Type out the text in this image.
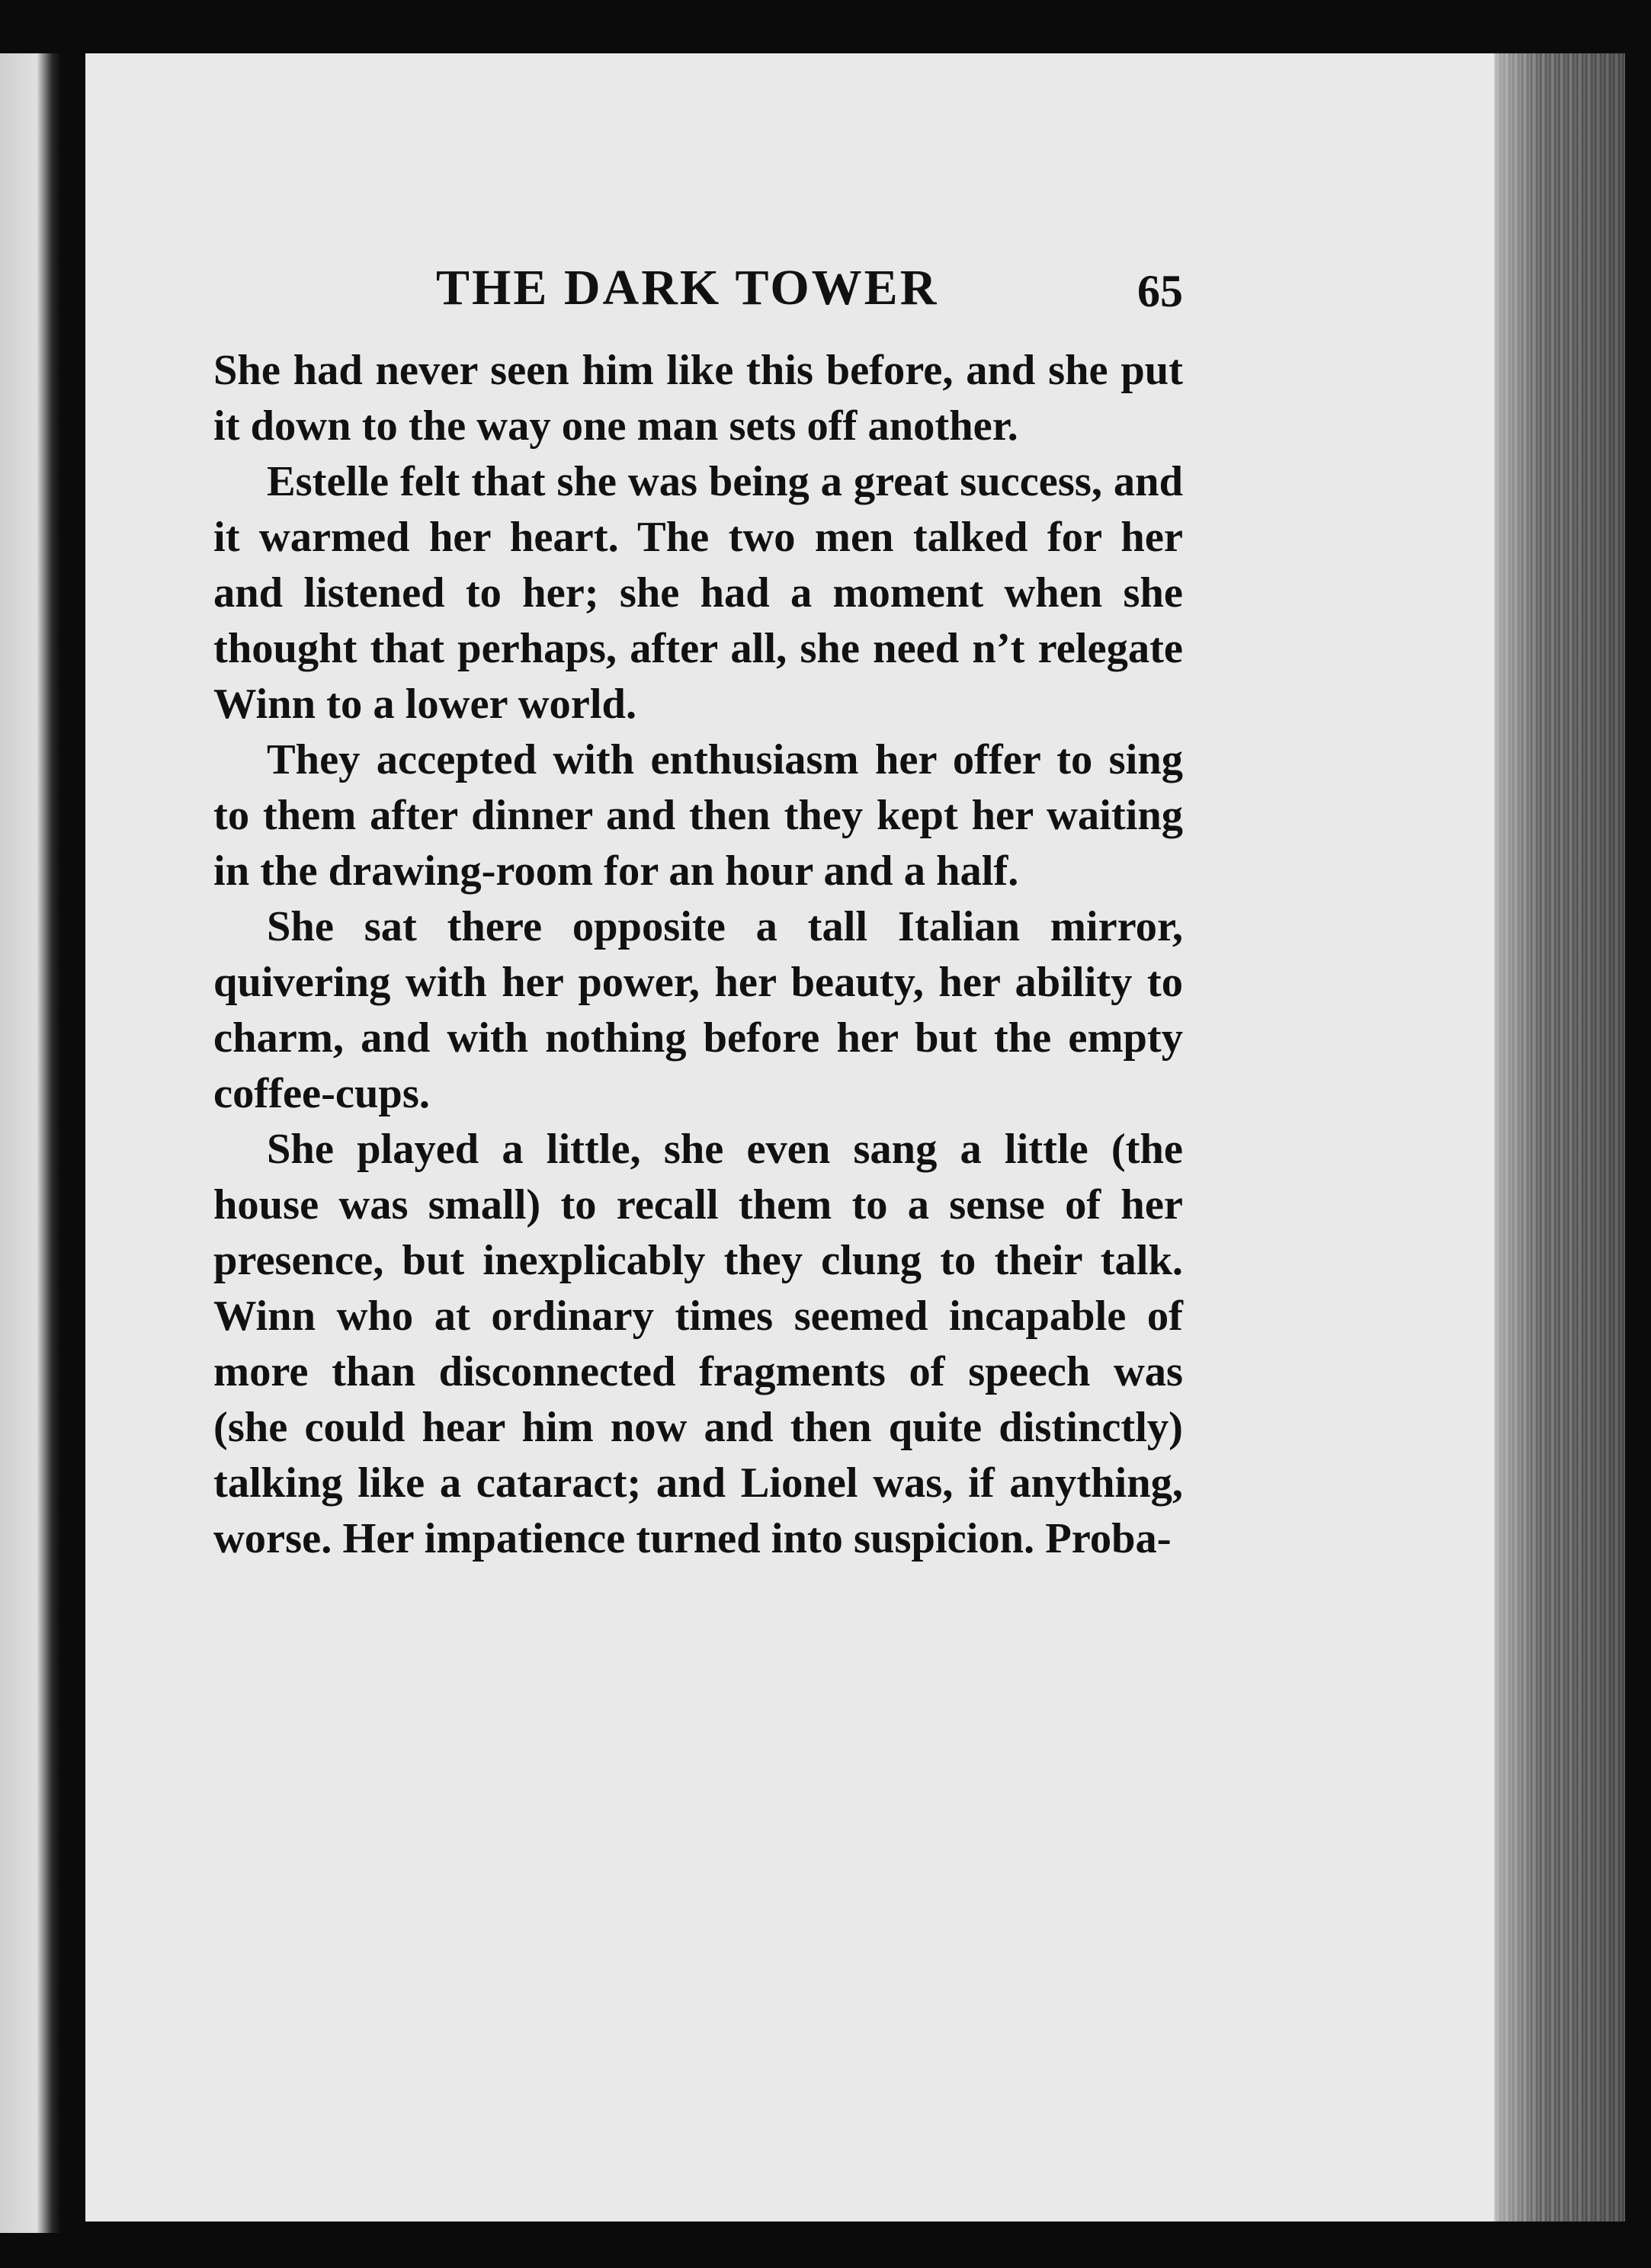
THE DARK TOWER	65

She had never seen him like this before, and she put it down to the way one man sets off another.

Estelle felt that she was being a great success, and it warmed her heart. The two men talked for her and listened to her; she had a moment when she thought that perhaps, after all, she need n’t relegate Winn to a lower world.

They accepted with enthusiasm her offer to sing to them after dinner and then they kept her waiting in the drawing-room for an hour and a half.

She sat there opposite a tall Italian mirror, quivering with her power, her beauty, her ability to charm, and with nothing before her but the empty coffee-cups.

She played a little, she even sang a little (the house was small) to recall them to a sense of her presence, but inexplicably they clung to their talk. Winn who at ordinary times seemed incapable of more than disconnected fragments of speech was (she could hear him now and then quite distinctly) talking like a cataract; and Lionel was, if anything, worse. Her impatience turned into suspicion. Proba-
